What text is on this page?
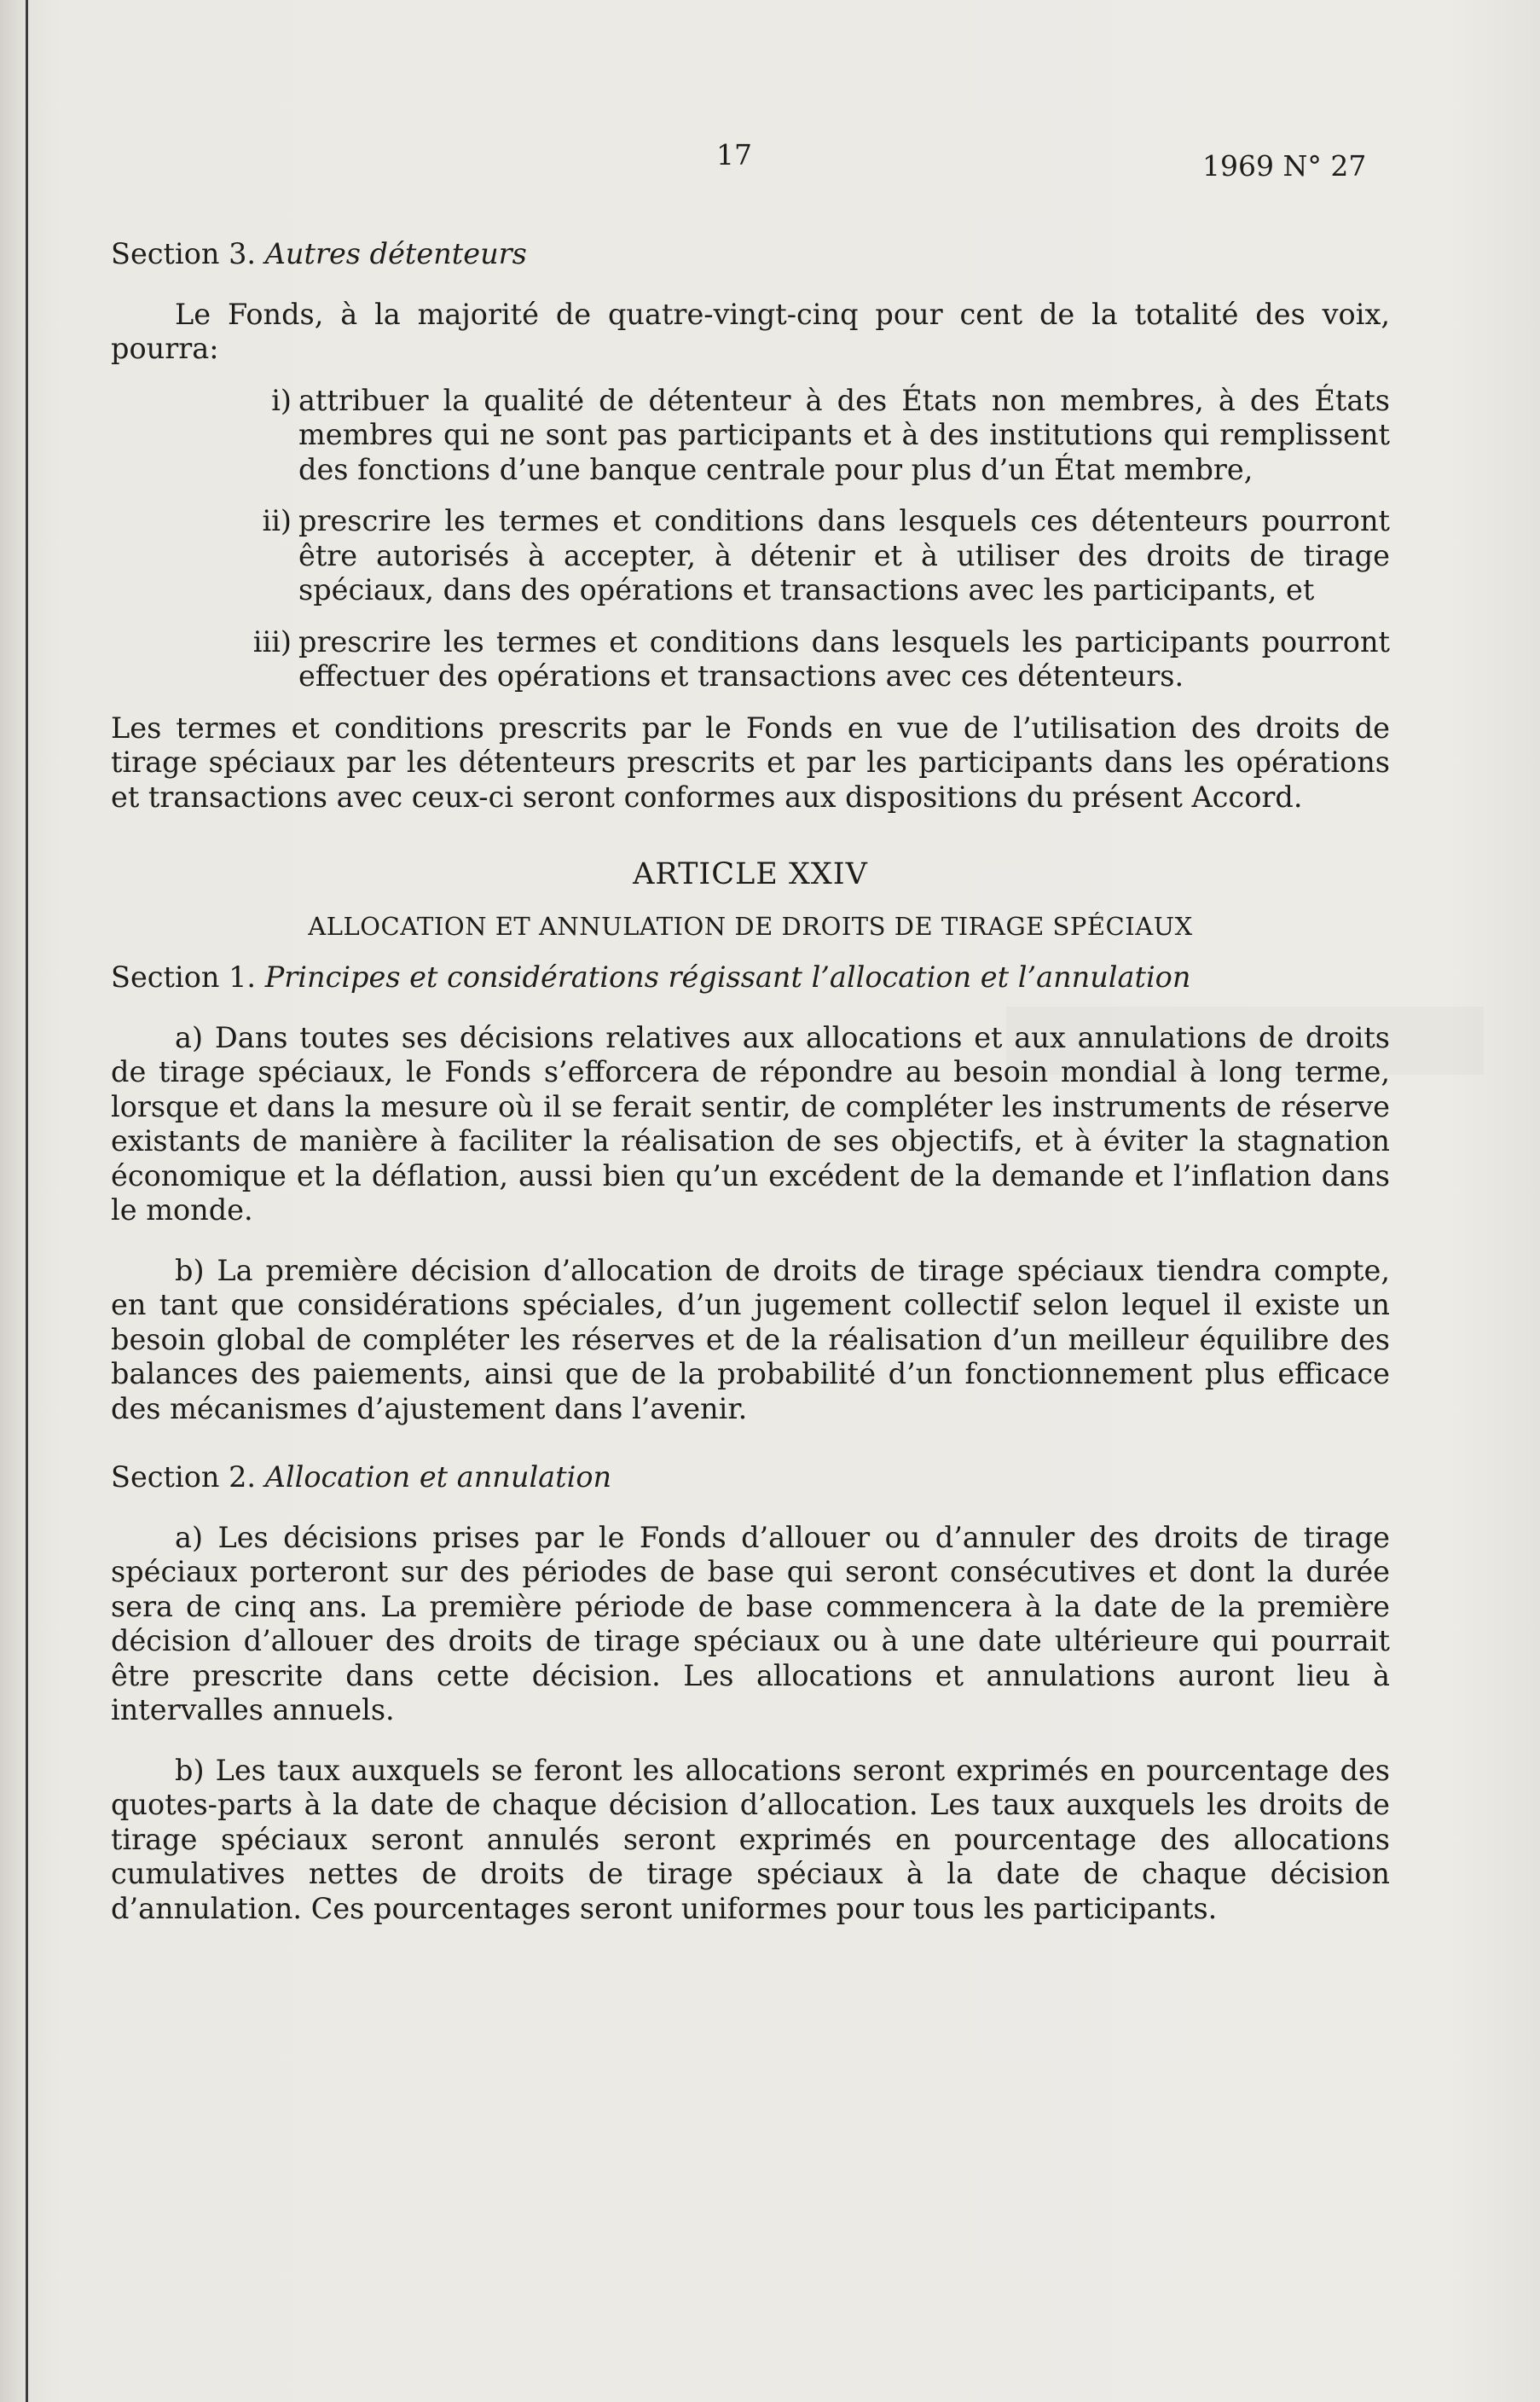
17	1969 N° 27

Section 3. Autres détenteurs

Le Fonds, à la majorité de quatre-vingt-cinq pour cent de la totalité des voix, pourra:

i) attribuer la qualité de détenteur à des États non membres, à des États membres qui ne sont pas participants et à des institutions qui remplissent des fonctions d’une banque centrale pour plus d’un État membre,

ii) prescrire les termes et conditions dans lesquels ces détenteurs pourront être autorisés à accepter, à détenir et à utiliser des droits de tirage spéciaux, dans des opérations et transactions avec les participants, et

iii) prescrire les termes et conditions dans lesquels les participants pourront effectuer des opérations et transactions avec ces détenteurs.

Les termes et conditions prescrits par le Fonds en vue de l’utilisation des droits de tirage spéciaux par les détenteurs prescrits et par les participants dans les opérations et transactions avec ceux-ci seront conformes aux dispositions du présent Accord.

ARTICLE XXIV

ALLOCATION ET ANNULATION DE DROITS DE TIRAGE SPÉCIAUX

Section 1. Principes et considérations régissant l’allocation et l’annulation

a) Dans toutes ses décisions relatives aux allocations et aux annulations de droits de tirage spéciaux, le Fonds s’efforcera de répondre au besoin mondial à long terme, lorsque et dans la mesure où il se ferait sentir, de compléter les instruments de réserve existants de manière à faciliter la réalisation de ses objectifs, et à éviter la stagnation économique et la déflation, aussi bien qu’un excédent de la demande et l’inflation dans le monde.

b) La première décision d’allocation de droits de tirage spéciaux tiendra compte, en tant que considérations spéciales, d’un jugement collectif selon lequel il existe un besoin global de compléter les réserves et de la réalisation d’un meilleur équilibre des balances des paiements, ainsi que de la probabilité d’un fonctionnement plus efficace des mécanismes d’ajustement dans l’avenir.

Section 2. Allocation et annulation

a) Les décisions prises par le Fonds d’allouer ou d’annuler des droits de tirage spéciaux porteront sur des périodes de base qui seront consécutives et dont la durée sera de cinq ans. La première période de base commencera à la date de la première décision d’allouer des droits de tirage spéciaux ou à une date ultérieure qui pourrait être prescrite dans cette décision. Les allocations et annulations auront lieu à intervalles annuels.

b) Les taux auxquels se feront les allocations seront exprimés en pourcentage des quotes-parts à la date de chaque décision d’allocation. Les taux auxquels les droits de tirage spéciaux seront annulés seront exprimés en pourcentage des allocations cumulatives nettes de droits de tirage spéciaux à la date de chaque décision d’annulation. Ces pourcentages seront uniformes pour tous les participants.
